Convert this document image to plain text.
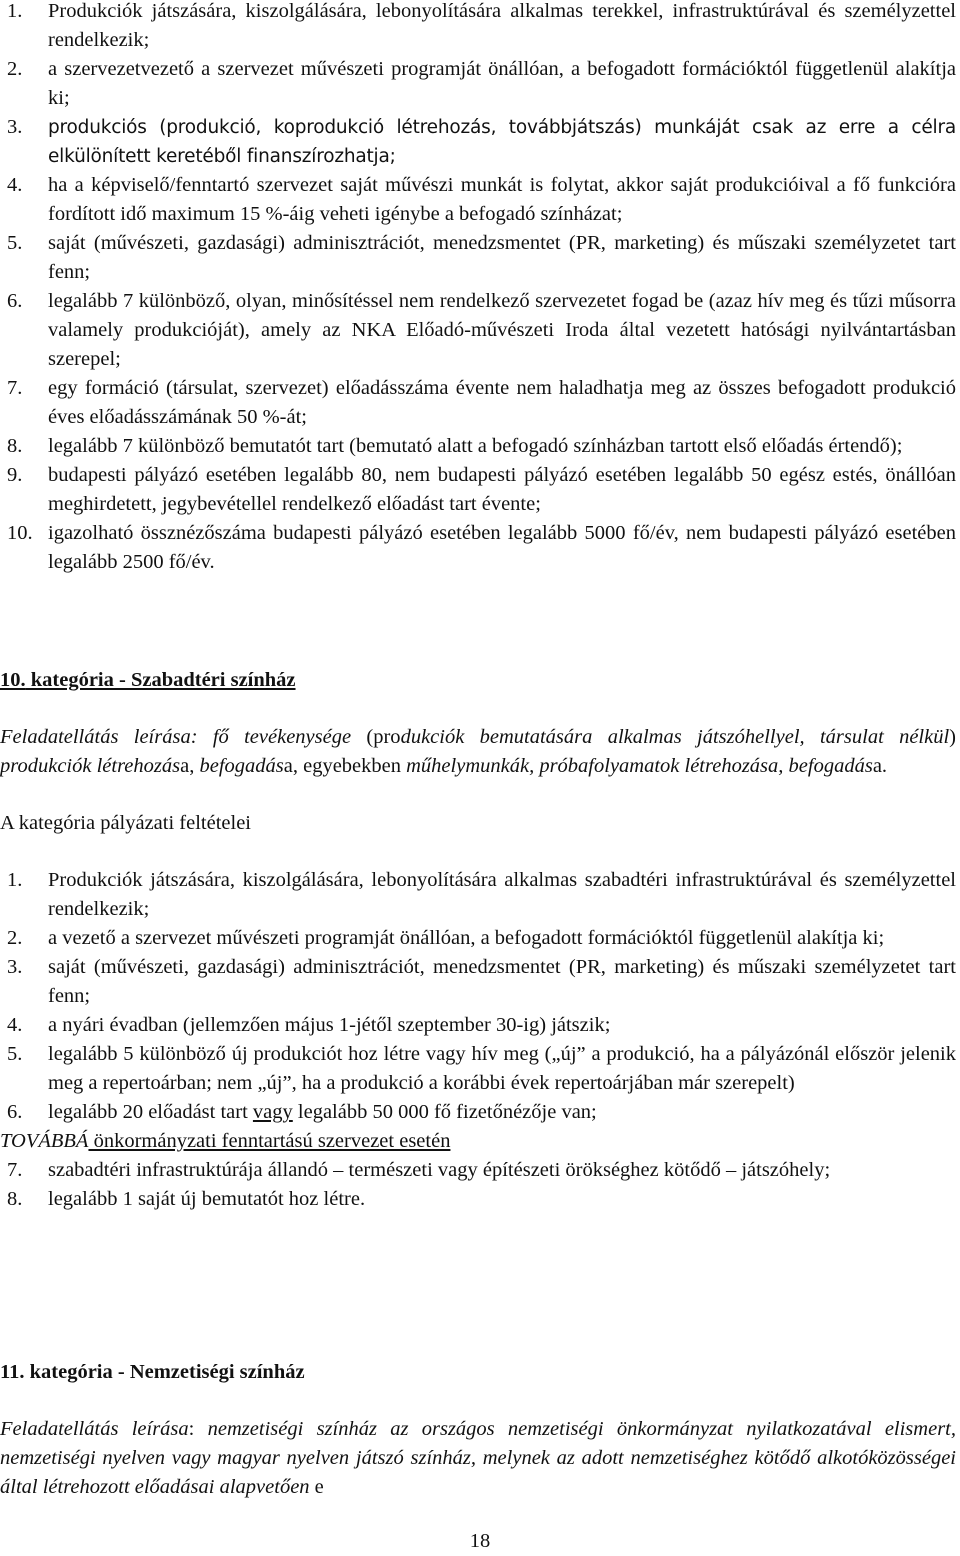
1. Produkciók játszására, kiszolgálására, lebonyolítására alkalmas terekkel, infrastruktúrával és személyzettel rendelkezik;
2. a szervezetvezető a szervezet művészeti programját önállóan, a befogadott formációktól függetlenül alakítja ki;
3. produkciós (produkció, koprodukció létrehozás, továbbjátszás) munkáját csak az erre a célra elkülönített keretéből finanszírozhatja;
4. ha a képviselő/fenntartó szervezet saját művészi munkát is folytat, akkor saját produkcióival a fő funkcióra fordított idő maximum 15 %-áig veheti igénybe a befogadó színházat;
5. saját (művészeti, gazdasági) adminisztrációt, menedzsmentet (PR, marketing) és műszaki személyzetet tart fenn;
6. legalább 7 különböző, olyan, minősítéssel nem rendelkező szervezetet fogad be (azaz hív meg és tűzi műsorra valamely produkcióját), amely az NKA Előadó-művészeti Iroda által vezetett hatósági nyilvántartásban szerepel;
7. egy formáció (társulat, szervezet) előadásszáma évente nem haladhatja meg az összes befogadott produkció éves előadásszámának 50 %-át;
8. legalább 7 különböző bemutatót tart (bemutató alatt a befogadó színházban tartott első előadás értendő);
9. budapesti pályázó esetében legalább 80, nem budapesti pályázó esetében legalább 50 egész estés, önállóan meghirdetett, jegybevétellel rendelkező előadást tart évente;
10. igazolható össznézőszáma budapesti pályázó esetében legalább 5000 fő/év, nem budapesti pályázó esetében legalább 2500 fő/év.

10. kategória - Szabadtéri színház

Feladatellátás leírása: fő tevékenysége (produkciók bemutatására alkalmas játszóhellyel, társulat nélkül) produkciók létrehozása, befogadása, egyebekben műhelymunkák, próbafolyamatok létrehozása, befogadása.

A kategória pályázati feltételei

1. Produkciók játszására, kiszolgálására, lebonyolítására alkalmas szabadtéri infrastruktúrával és személyzettel rendelkezik;
2. a vezető a szervezet művészeti programját önállóan, a befogadott formációktól függetlenül alakítja ki;
3. saját (művészeti, gazdasági) adminisztrációt, menedzsmentet (PR, marketing) és műszaki személyzetet tart fenn;
4. a nyári évadban (jellemzően május 1-jétől szeptember 30-ig) játszik;
5. legalább 5 különböző új produkciót hoz létre vagy hív meg („új” a produkció, ha a pályázónál először jelenik meg a repertoárban; nem „új”, ha a produkció a korábbi évek repertoárjában már szerepelt)
6. legalább 20 előadást tart vagy legalább 50 000 fő fizetőnézője van;

TOVÁBBÁ önkormányzati fenntartású szervezet esetén

7. szabadtéri infrastruktúrája állandó – természeti vagy építészeti örökséghez kötődő – játszóhely;
8. legalább 1 saját új bemutatót hoz létre.

11. kategória - Nemzetiségi színház

Feladatellátás leírása: nemzetiségi színház az országos nemzetiségi önkormányzat nyilatkozatával elismert, nemzetiségi nyelven vagy magyar nyelven játszó színház, melynek az adott nemzetiséghez kötődő alkotóközösségei által létrehozott előadásai alapvetően e

18
